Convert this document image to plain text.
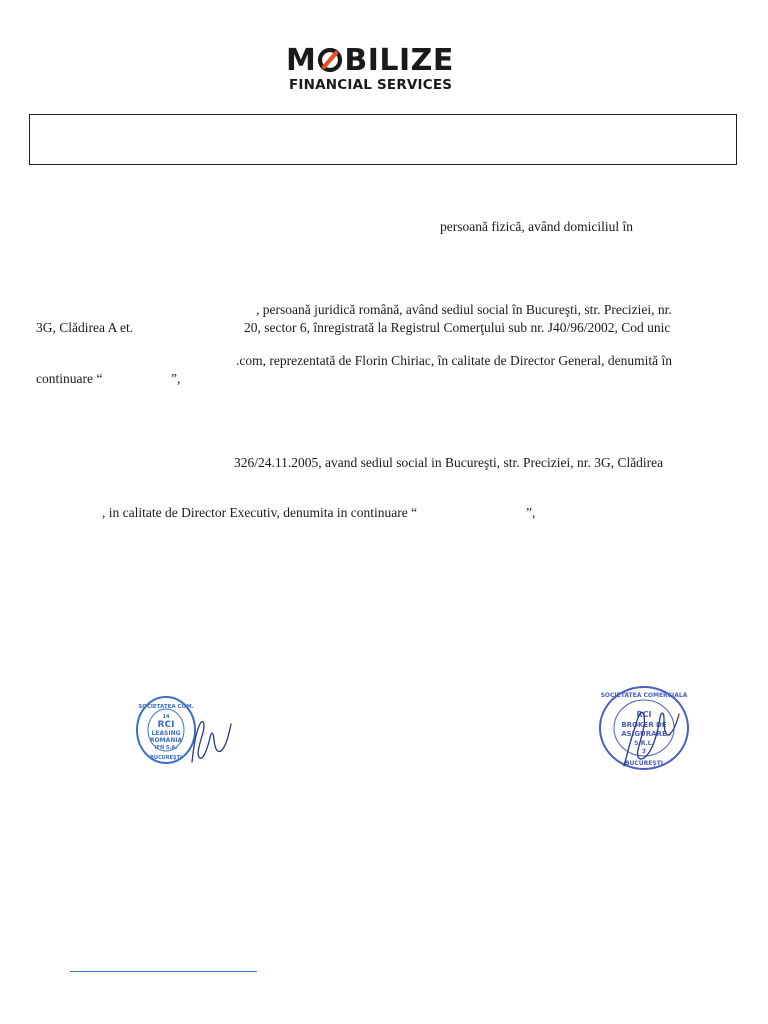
M BILIZE
FINANCIAL SERVICES
persoană fizică, având domiciliul în
, persoană juridică română, având sediul social în Bucureşti, str. Preciziei, nr.
3G, Clădirea A et.	20, sector 6, înregistrată la Registrul Comerţului sub nr. J40/96/2002, Cod unic
.com, reprezentată de Florin Chiriac, în calitate de Director General, denumită în
continuare “	”,
326/24.11.2005, avand sediul social in Bucureşti, str. Preciziei, nr. 3G, Clădirea
, in calitate de Director Executiv, denumita in continuare “	”,
SOCIETATEA COM.
14
RCI
LEASING
ROMANIA
IFN S.A.
BUCUREŞTI
SOCIETATEA COMERCIALA
RCI
BROKER DE
ASIGURARE
S.R.L.
3
BUCUREŞTI
